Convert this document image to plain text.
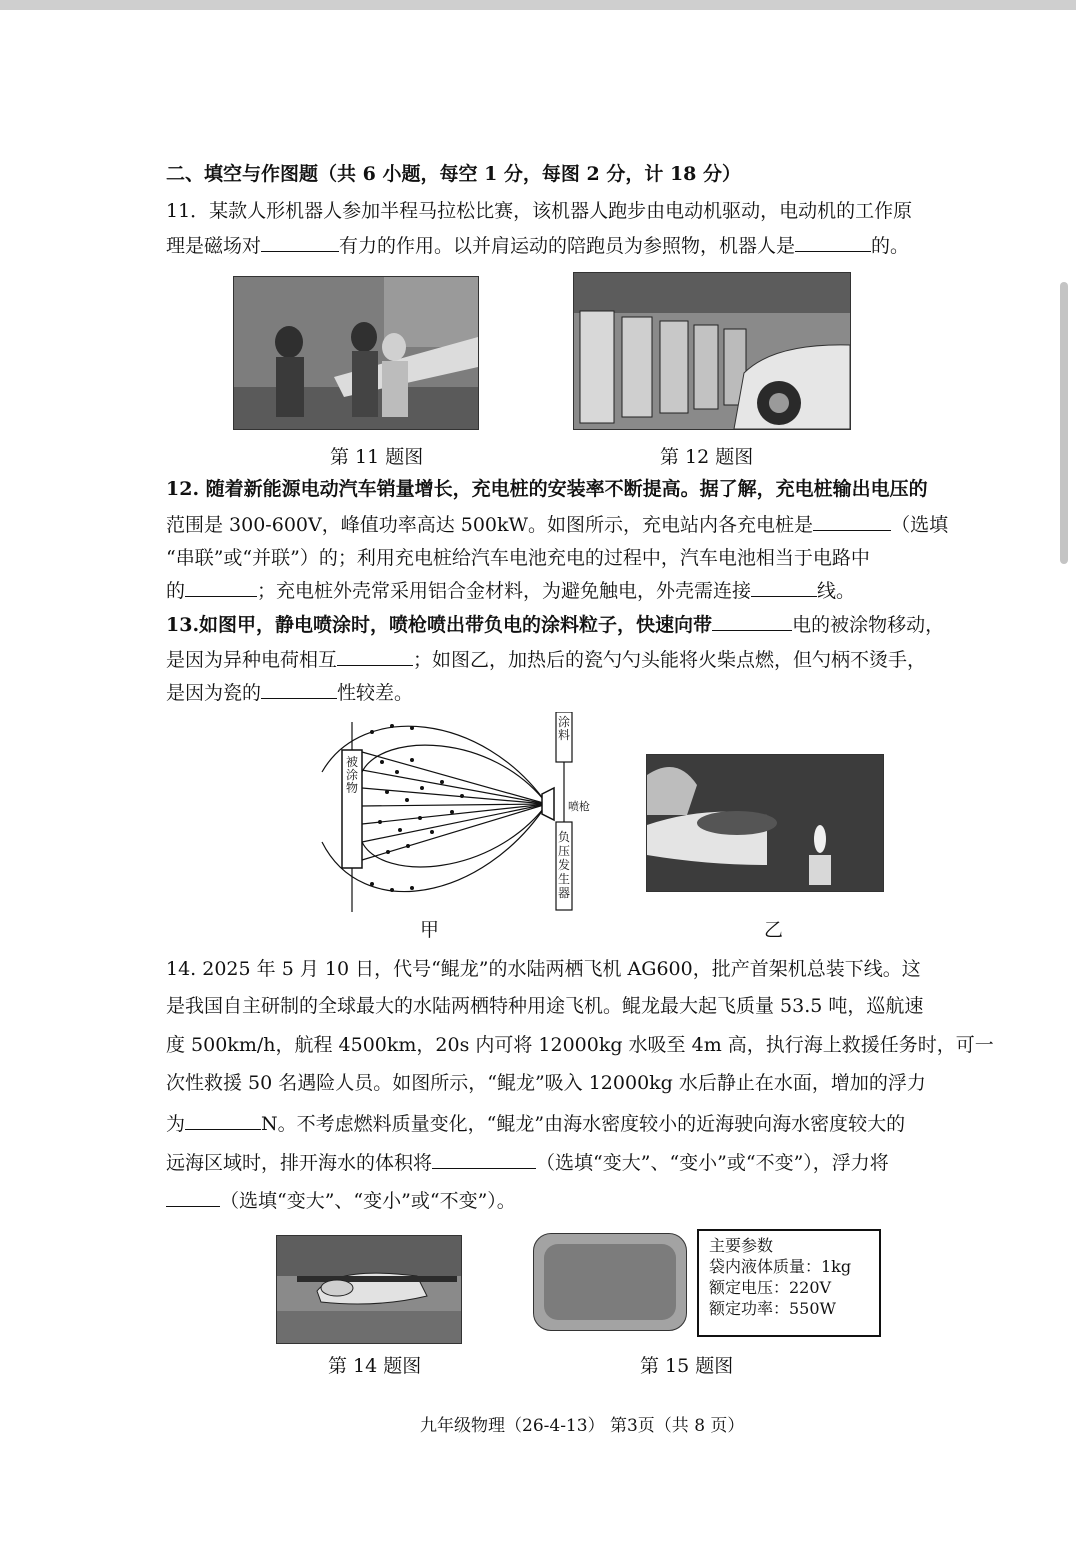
二、填空与作图题（共 6 小题，每空 1 分，每图 2 分，计 18 分）
11．某款人形机器人参加半程马拉松比赛，该机器人跑步由电动机驱动，电动机的工作原
理是磁场对	有力的作用。以并肩运动的陪跑员为参照物，机器人是	的。
第 11 题图	第 12 题图
12. 随着新能源电动汽车销量增长，充电桩的安装率不断提高。据了解，充电桩输出电压的
范围是 300-600V，峰值功率高达 500kW。如图所示，充电站内各充电桩是	（选填
“串联”或“并联”）的；利用充电桩给汽车电池充电的过程中，汽车电池相当于电路中
的	；充电桩外壳常采用铝合金材料，为避免触电，外壳需连接	线。
13.如图甲，静电喷涂时，喷枪喷出带负电的涂料粒子，快速向带	电的被涂物移动，
是因为异种电荷相互	；如图乙，加热后的瓷勺勺头能将火柴点燃，但勺柄不烫手，
是因为瓷的	性较差。
被涂物
涂料
喷枪
负压发生器
甲	乙
14. 2025 年 5 月 10 日，代号“鲲龙”的水陆两栖飞机 AG600，批产首架机总装下线。这
是我国自主研制的全球最大的水陆两栖特种用途飞机。鲲龙最大起飞质量 53.5 吨，巡航速
度 500km/h，航程 4500km，20s 内可将 12000kg 水吸至 4m 高，执行海上救援任务时，可一
次性救援 50 名遇险人员。如图所示，“鲲龙”吸入 12000kg 水后静止在水面，增加的浮力
为	N。不考虑燃料质量变化，“鲲龙”由海水密度较小的近海驶向海水密度较大的
远海区域时，排开海水的体积将	（选填“变大”、“变小”或“不变”），浮力将
（选填“变大”、“变小”或“不变”）。
第 14 题图
主要参数
袋内液体质量：1kg
额定电压：220V
额定功率：550W
第 15 题图
九年级物理（26-4-13） 第3页（共 8 页）
